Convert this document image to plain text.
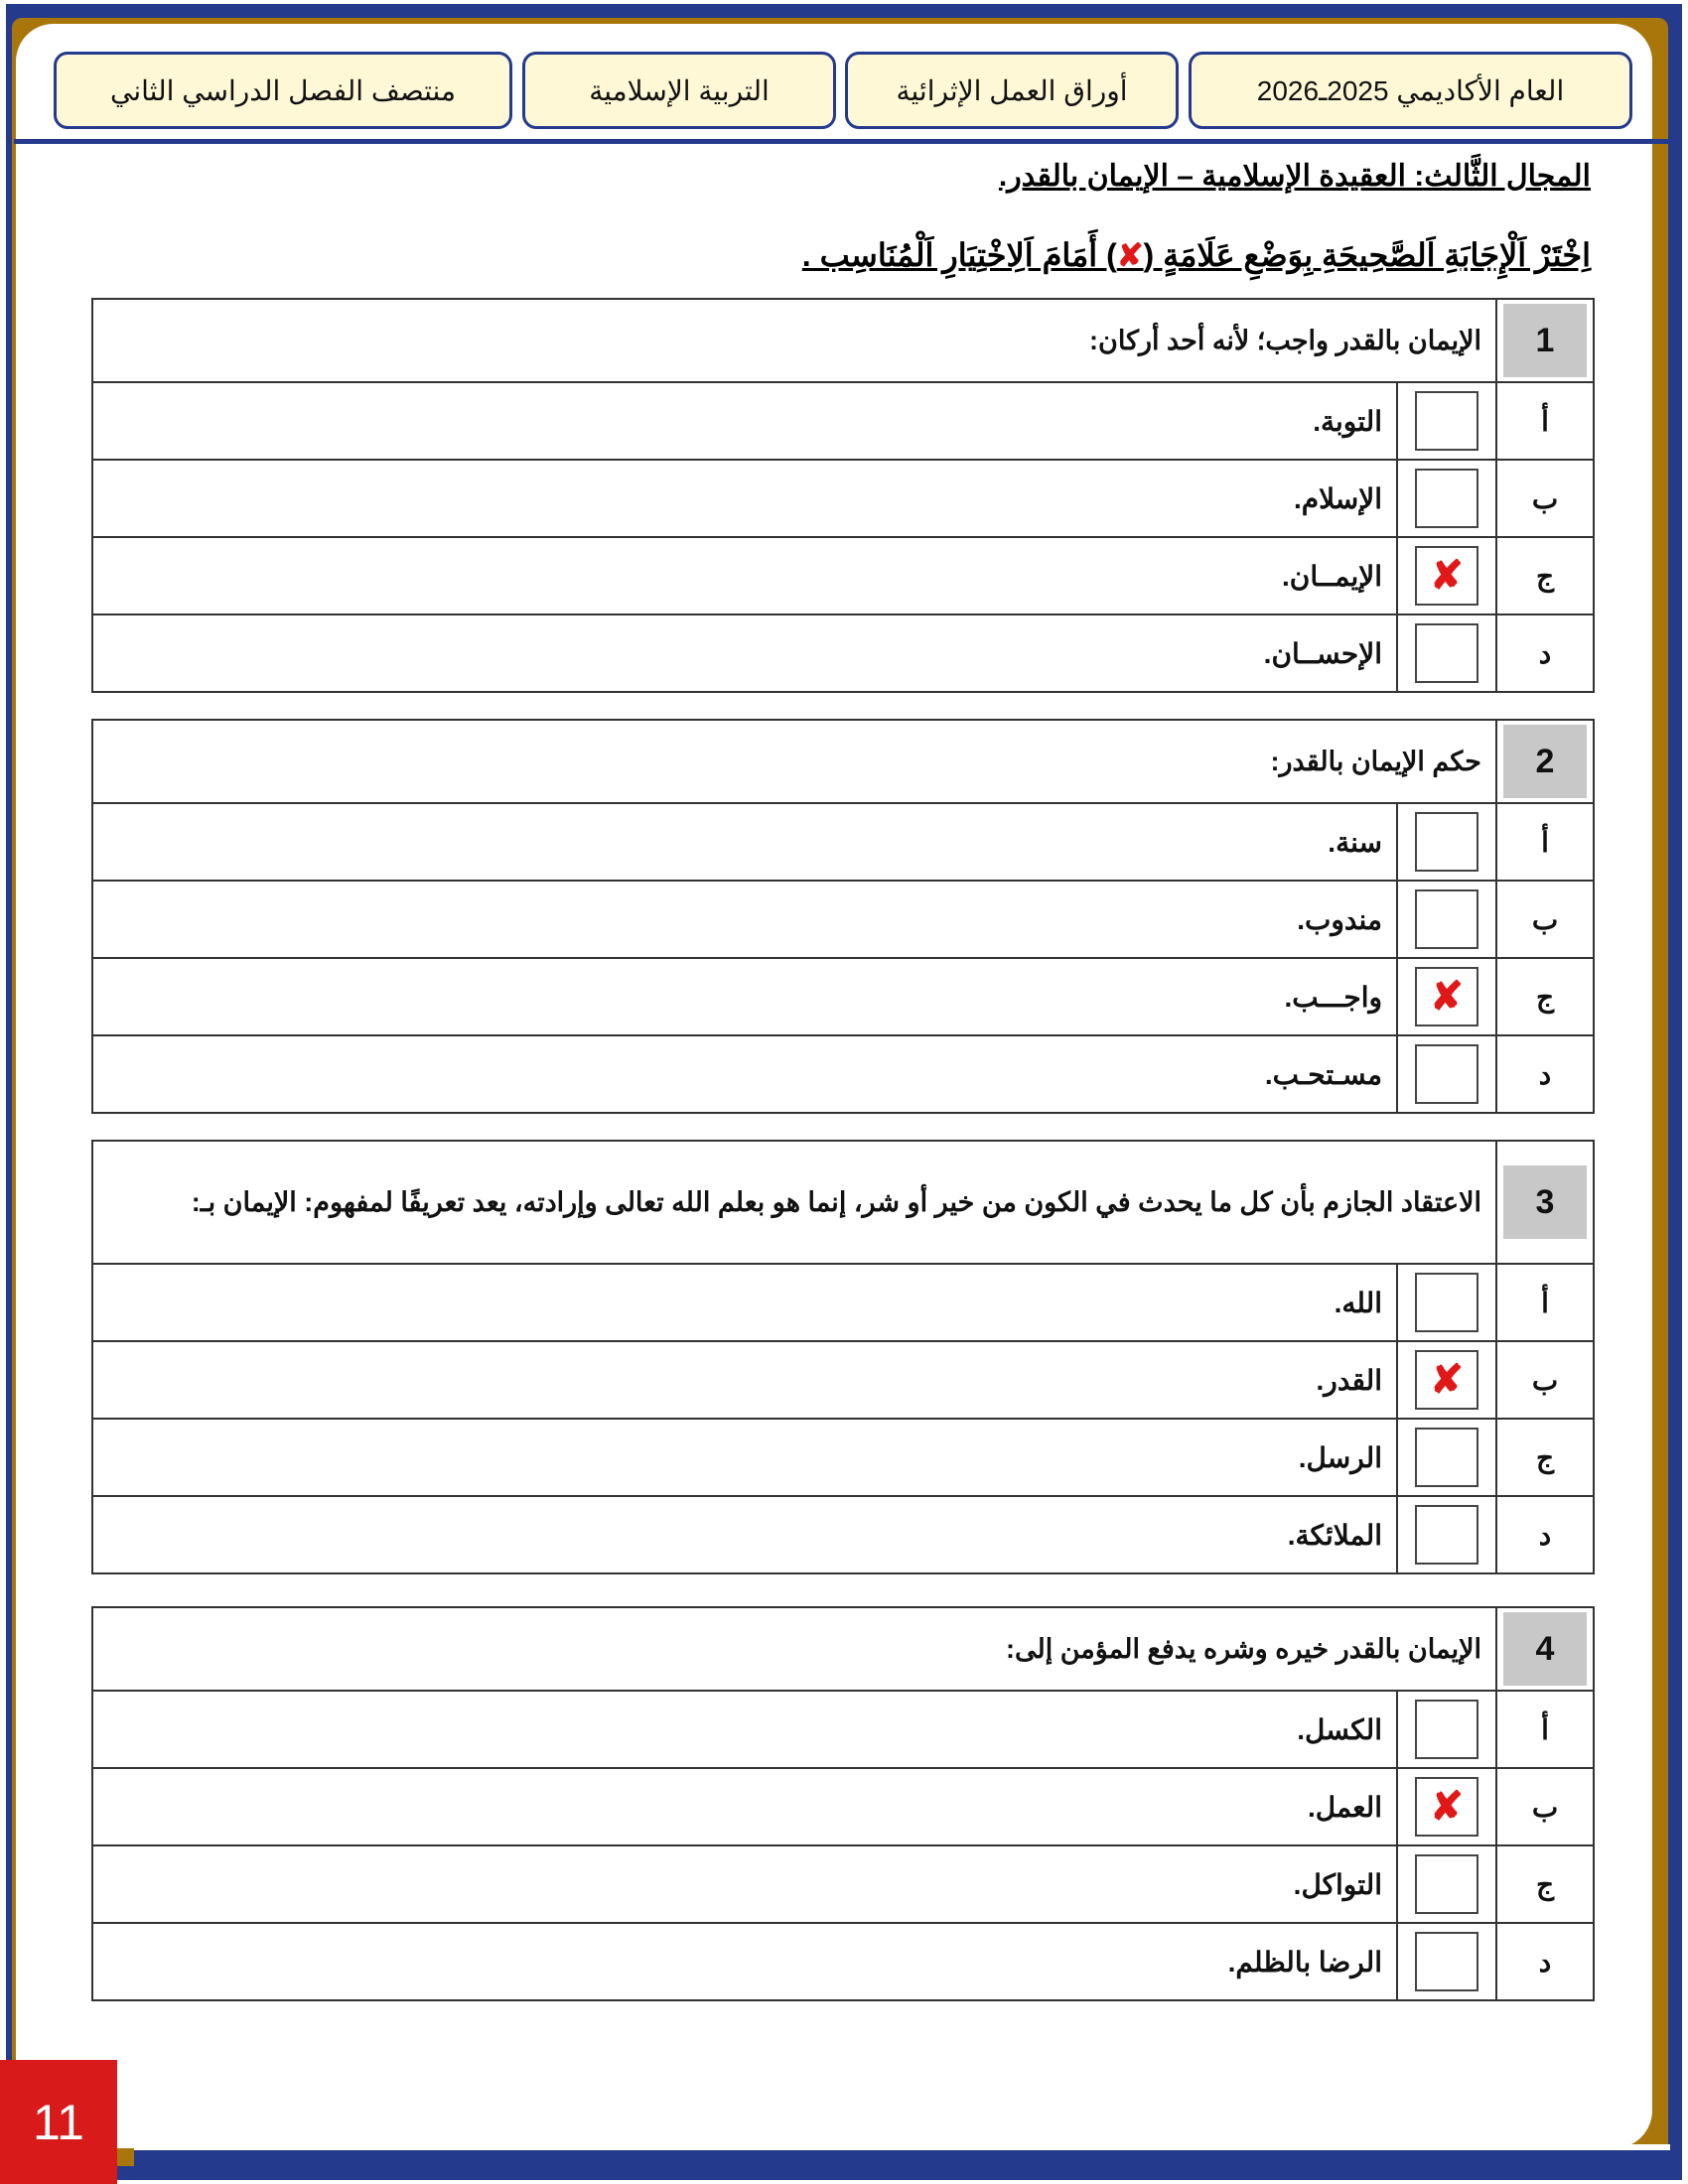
العام الأكاديمي 2025ـ2026
أوراق العمل الإثرائية
التربية الإسلامية
منتصف الفصل الدراسي الثاني
المجال الثَّالث: العقيدة الإسلامية – الإيمان بالقدر.
اِخْتَرْ اَلْإِجَابَةِ اَلصَّحِيحَةِ بِوَضْعِ عَلَامَةٍ (✘) أَمَامَ اَلِاخْتِيَارِ اَلْمُنَاسِب .
1	الإيمان بالقدر واجب؛ لأنه أحد أركان:	
أ		التوبة.
ب		الإسلام.
ج	✘	الإيمــان.
د		الإحســان.
2	حكم الإيمان بالقدر:	
أ		سنة.
ب		مندوب.
ج	✘	واجـــب.
د		مسـتحـب.
3	الاعتقاد الجازم بأن كل ما يحدث في الكون من خير أو شر، إنما هو بعلم الله تعالى وإرادته، يعد تعريفًا لمفهوم: الإيمان بـ:	
أ		الله.
ب	✘	القدر.
ج		الرسل.
د		الملائكة.
4	الإيمان بالقدر خيره وشره يدفع المؤمن إلى:	
أ		الكسل.
ب	✘	العمل.
ج		التواكل.
د		الرضا بالظلم.
11
